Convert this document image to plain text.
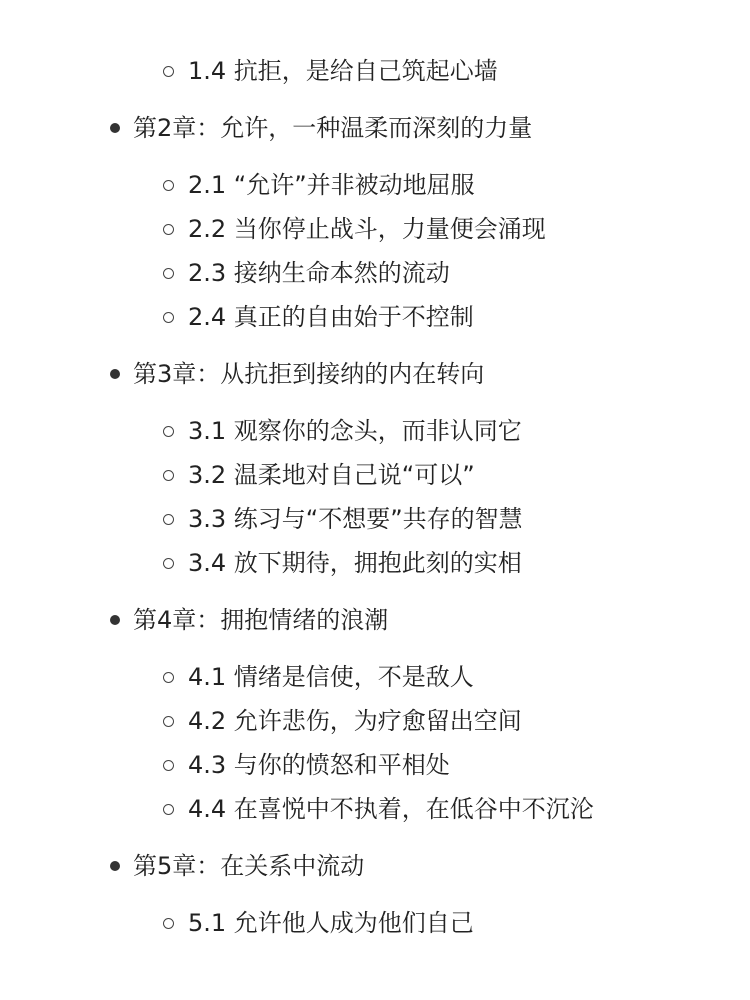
1.4 抗拒，是给自己筑起心墙
第2章：允许，一种温柔而深刻的力量
2.1 “允许”并非被动地屈服
2.2 当你停止战斗，力量便会涌现
2.3 接纳生命本然的流动
2.4 真正的自由始于不控制
第3章：从抗拒到接纳的内在转向
3.1 观察你的念头，而非认同它
3.2 温柔地对自己说“可以”
3.3 练习与“不想要”共存的智慧
3.4 放下期待，拥抱此刻的实相
第4章：拥抱情绪的浪潮
4.1 情绪是信使，不是敌人
4.2 允许悲伤，为疗愈留出空间
4.3 与你的愤怒和平相处
4.4 在喜悦中不执着，在低谷中不沉沦
第5章：在关系中流动
5.1 允许他人成为他们自己
